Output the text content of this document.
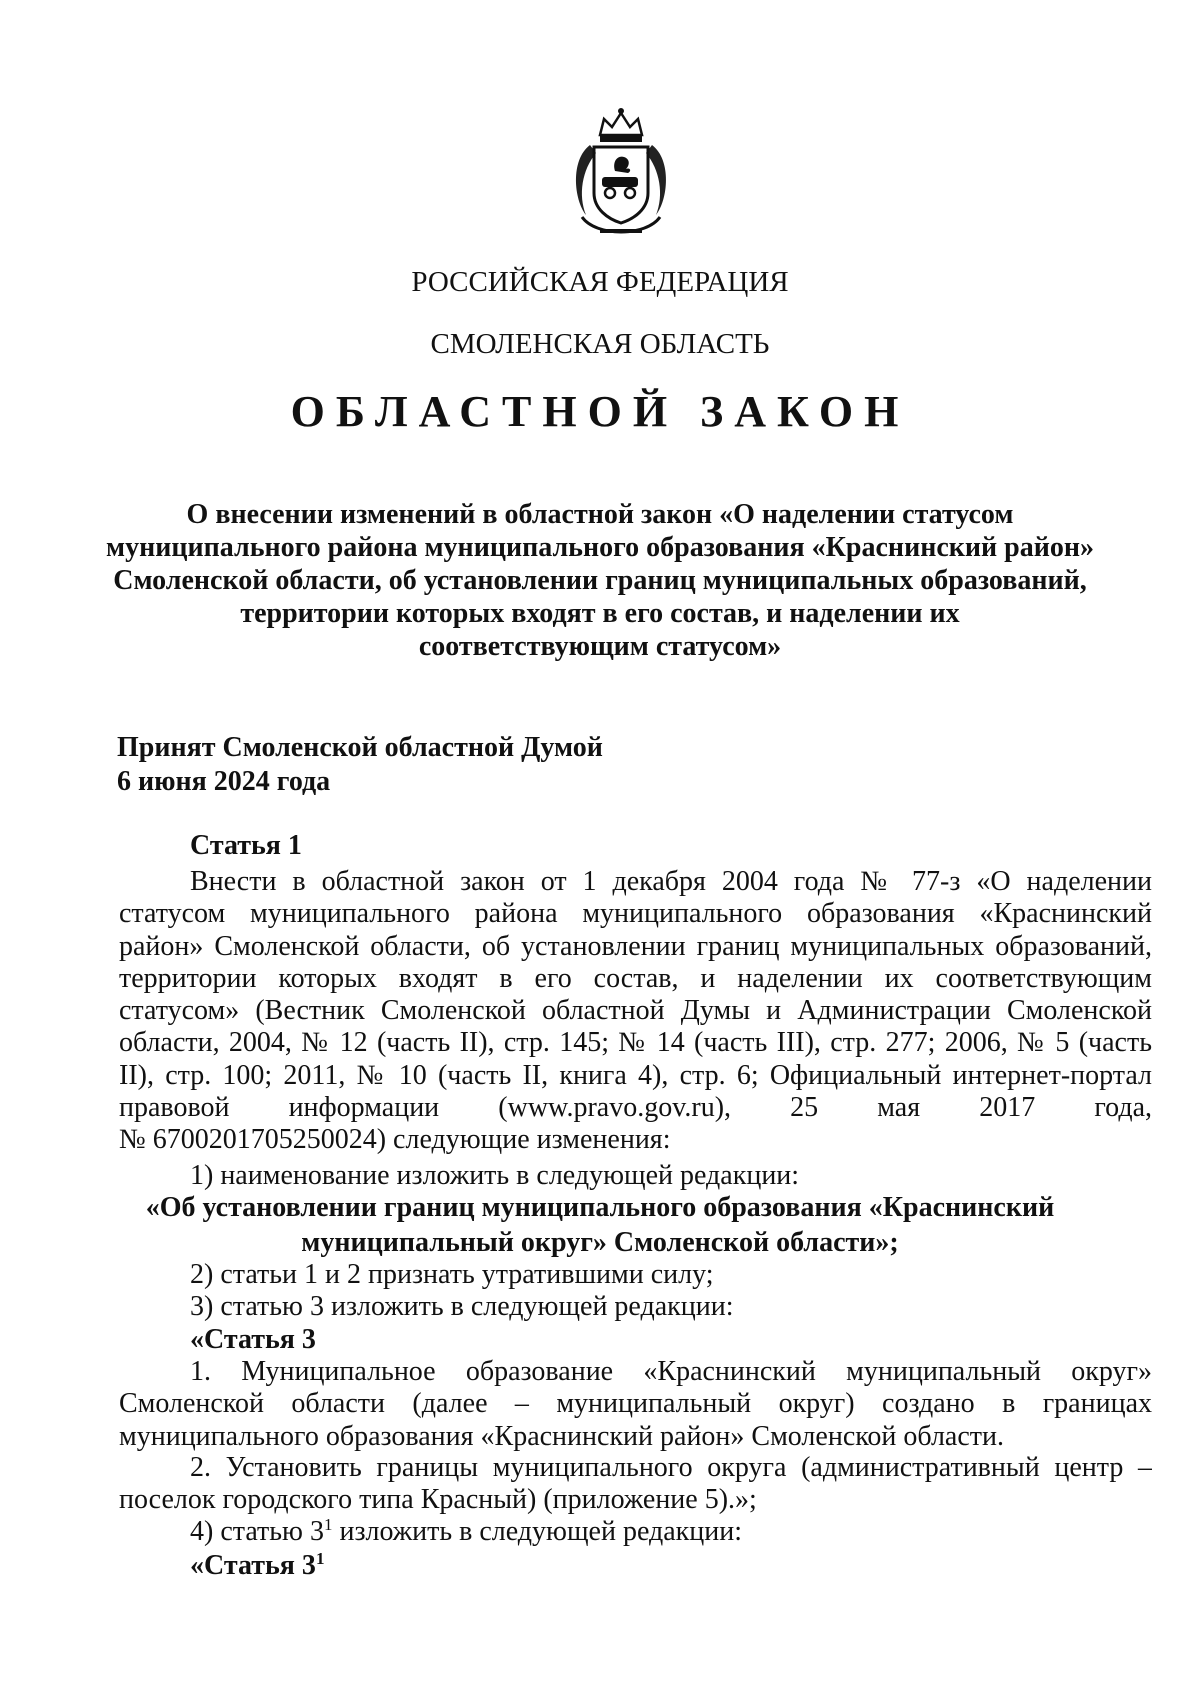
РОССИЙСКАЯ ФЕДЕРАЦИЯ
СМОЛЕНСКАЯ ОБЛАСТЬ
ОБЛАСТНОЙ ЗАКОН
О внесении изменений в областной закон «О наделении статусом
муниципального района муниципального образования «Краснинский район»
Смоленской области, об установлении границ муниципальных образований,
территории которых входят в его состав, и наделении их
соответствующим статусом»
Принят Смоленской областной Думой
6 июня 2024 года
Статья 1
Внести в областной закон от 1 декабря 2004 года № 77-з «О наделении
статусом муниципального района муниципального образования «Краснинский
район» Смоленской области, об установлении границ муниципальных образований,
территории которых входят в его состав, и наделении их соответствующим
статусом» (Вестник Смоленской областной Думы и Администрации Смоленской
области, 2004, № 12 (часть II), стр. 145; № 14 (часть III), стр. 277; 2006, № 5 (часть
II), стр. 100; 2011, № 10 (часть II, книга 4), стр. 6; Официальный интернет-портал
правовой информации (www.pravo.gov.ru), 25 мая 2017 года,
№ 6700201705250024) следующие изменения:
1) наименование изложить в следующей редакции:
«Об установлении границ муниципального образования «Краснинский
муниципальный округ» Смоленской области»;
2) статьи 1 и 2 признать утратившими силу;
3) статью 3 изложить в следующей редакции:
«Статья 3
1. Муниципальное образование «Краснинский муниципальный округ»
Смоленской области (далее – муниципальный округ) создано в границах
муниципального образования «Краснинский район» Смоленской области.
2. Установить границы муниципального округа (административный центр –
поселок городского типа Красный) (приложение 5).»;
4) статью $3^1$ изложить в следующей редакции:
«Статья $3^1$
